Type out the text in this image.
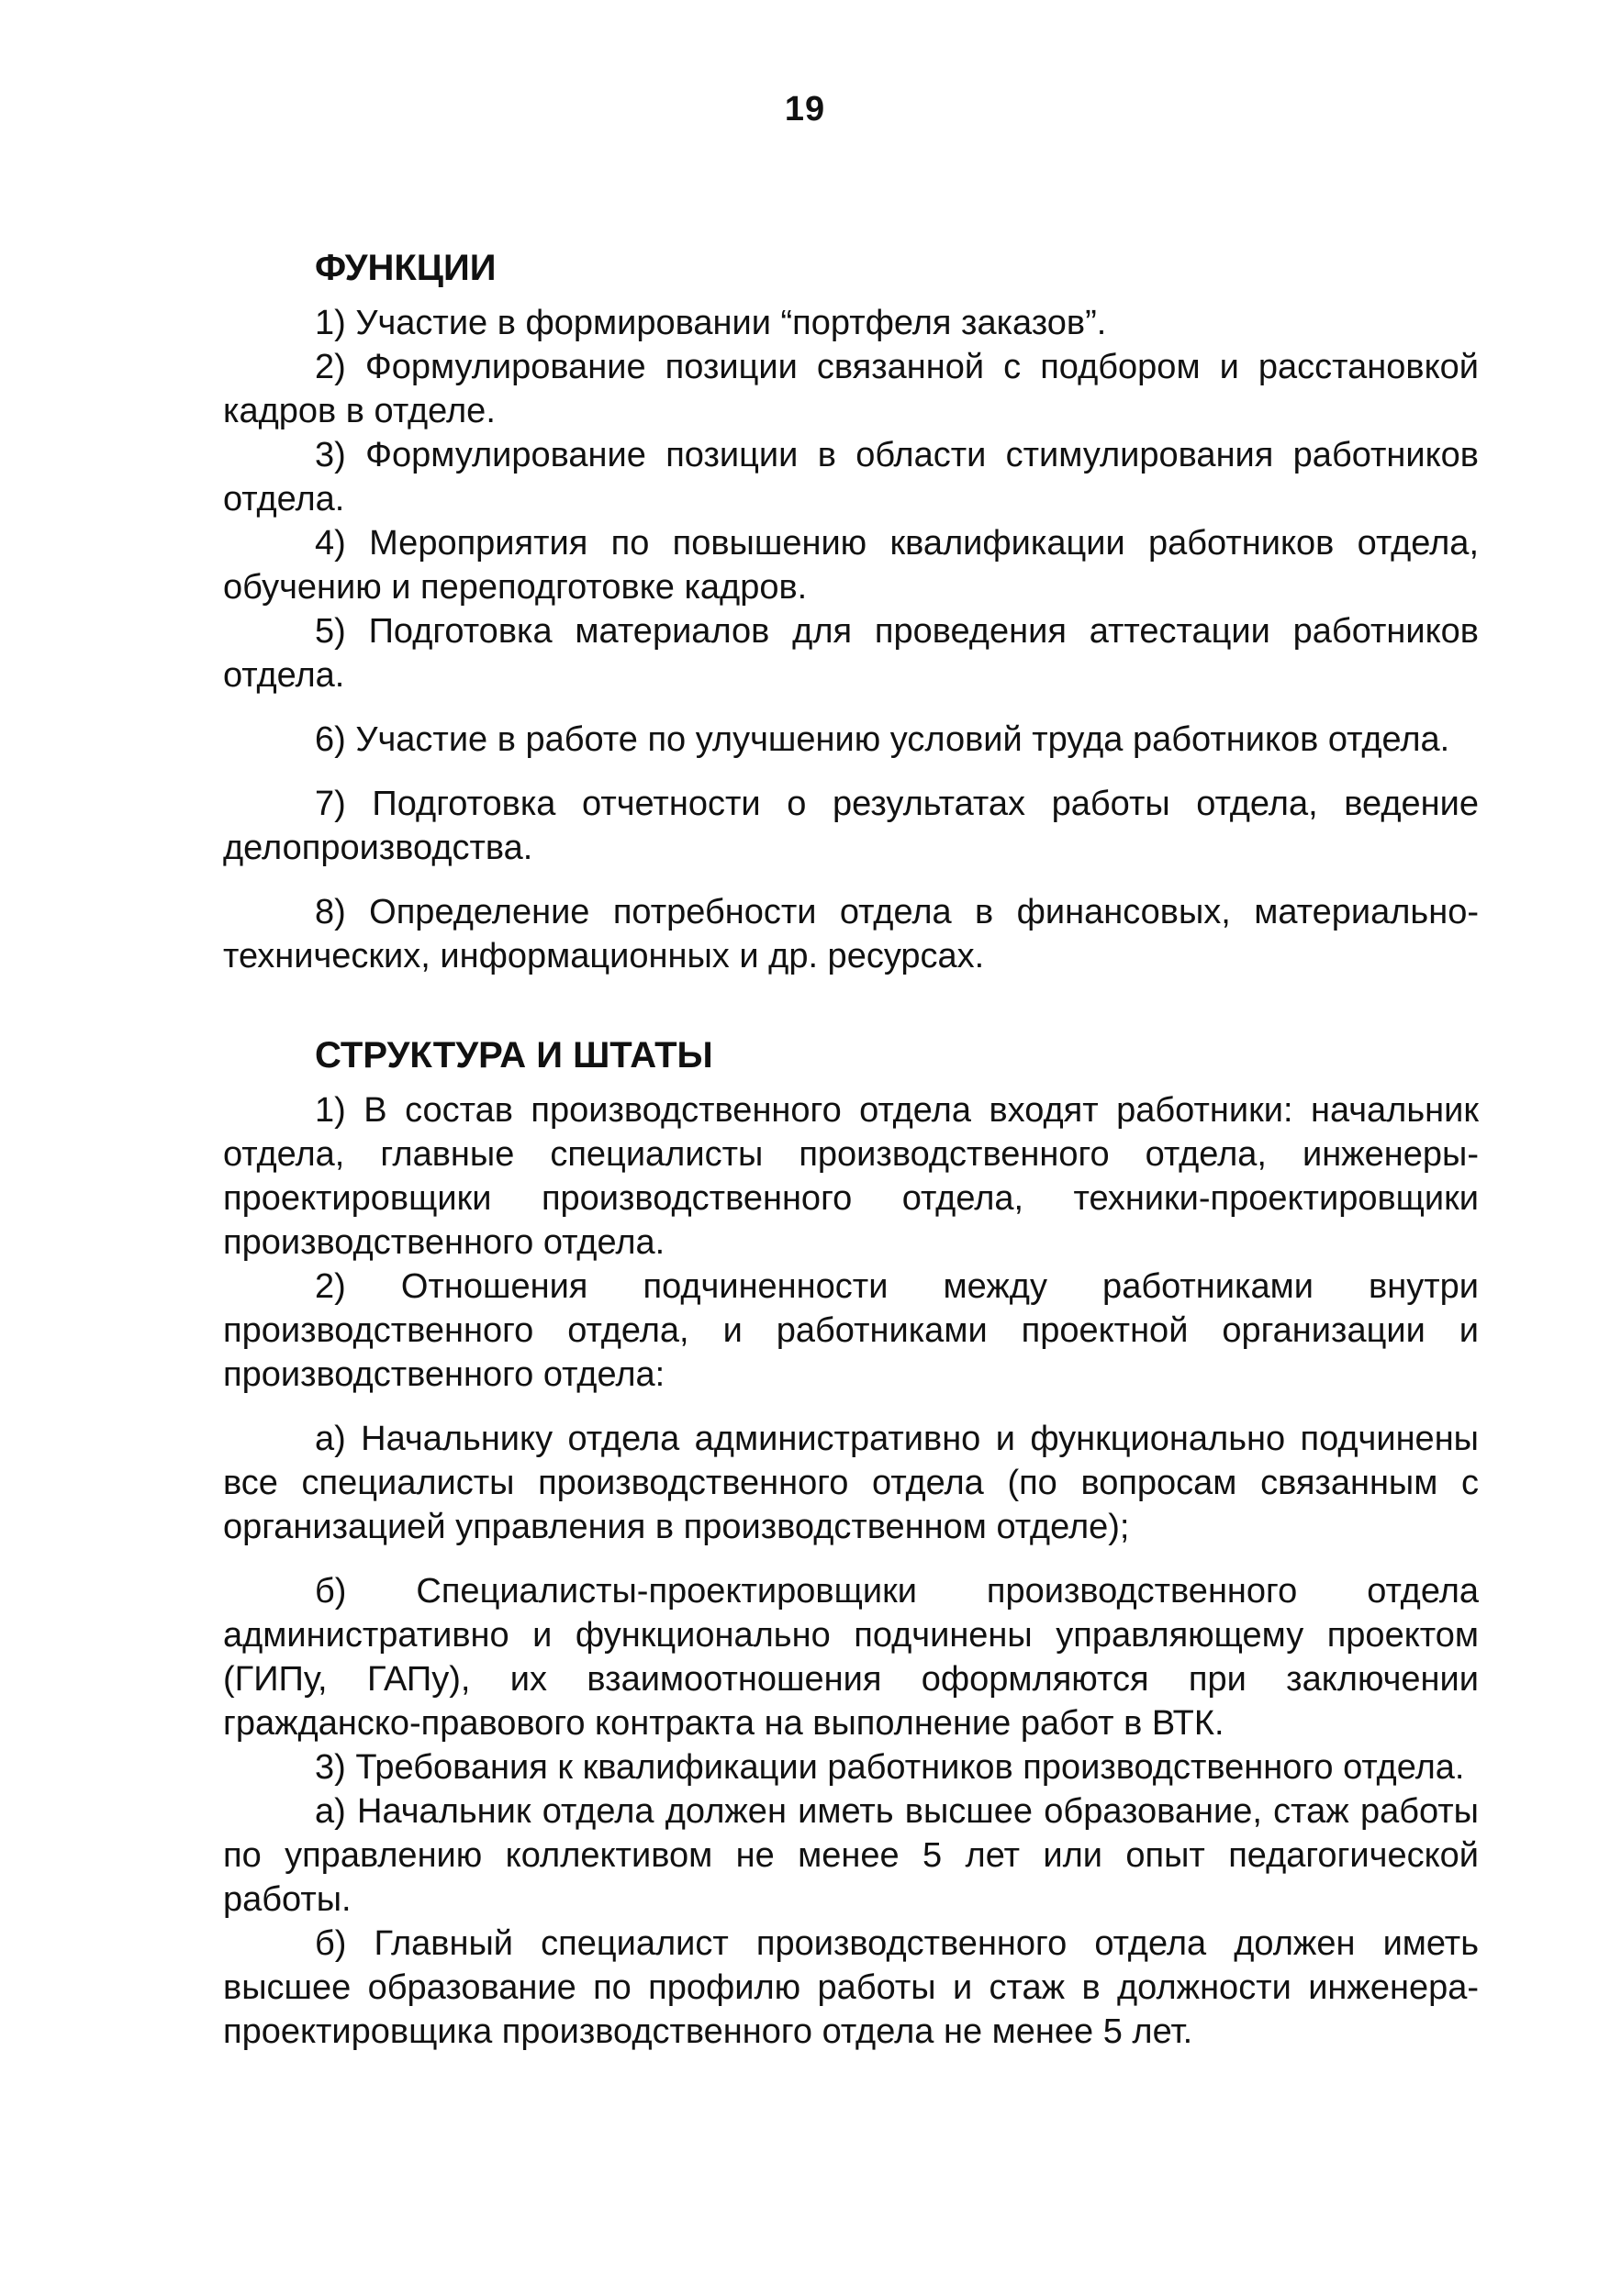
19
ФУНКЦИИ

1) Участие в формировании “портфеля заказов”.

2) Формулирование позиции связанной с подбором и расстановкой кадров в отделе.

3) Формулирование позиции в области стимулирования работников отдела.

4) Мероприятия по повышению квалификации работников отдела, обучению и переподготовке кадров.

5) Подготовка материалов для проведения аттестации работников отдела.

6) Участие в работе по улучшению условий труда работников отдела.

7) Подготовка отчетности о результатах работы отдела, ведение делопроизводства.

8) Определение потребности отдела в финансовых, материально-технических, информационных и др. ресурсах.

СТРУКТУРА И ШТАТЫ

1) В состав производственного отдела входят работники: начальник отдела, главные специалисты производственного отдела, инженеры-проектировщики производственного отдела, техники-проектировщики производственного отдела.

2) Отношения подчиненности между работниками внутри производственного отдела, и работниками проектной организации и производственного отдела:

а) Начальнику отдела административно и функционально подчинены все специалисты производственного отдела (по вопросам связанным с организацией управления в производственном отделе);

б) Специалисты-проектировщики производственного отдела административно и функционально подчинены управляющему проектом (ГИПу, ГАПу), их взаимоотношения оформляются при заключении гражданско-правового контракта на выполнение работ в ВТК.

3) Требования к квалификации работников производственного отдела.

а) Начальник отдела должен иметь высшее образование, стаж работы по управлению коллективом не менее 5 лет или опыт педагогической работы.

б) Главный специалист производственного отдела должен иметь высшее образование по профилю работы и стаж в должности инженера-проектировщика производственного отдела не менее 5 лет.
